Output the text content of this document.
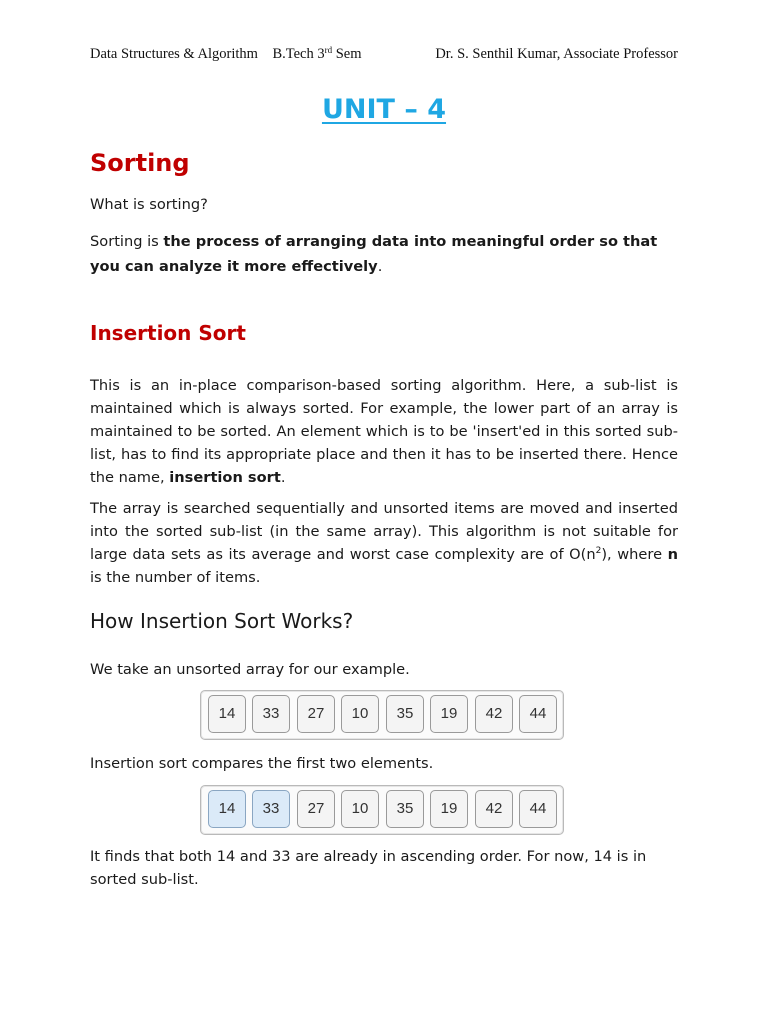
Data Structures & Algorithm B.Tech 3rd Sem	Dr. S. Senthil Kumar, Associate Professor
UNIT – 4
Sorting

What is sorting?

Sorting is the process of arranging data into meaningful order so that you can analyze it more effectively.

Insertion Sort

This is an in-place comparison-based sorting algorithm. Here, a sub-list is maintained which is always sorted. For example, the lower part of an array is maintained to be sorted. An element which is to be 'insert'ed in this sorted sub-list, has to find its appropriate place and then it has to be inserted there. Hence the name, insertion sort.

The array is searched sequentially and unsorted items are moved and inserted into the sorted sub-list (in the same array). This algorithm is not suitable for large data sets as its average and worst case complexity are of $O(n^2)$, where n is the number of items.

How Insertion Sort Works?

We take an unsorted array for our example.

14	33	27	10	35	19	42	44

Insertion sort compares the first two elements.

14	33	27	10	35	19	42	44

It finds that both 14 and 33 are already in ascending order. For now, 14 is in sorted sub-list.
